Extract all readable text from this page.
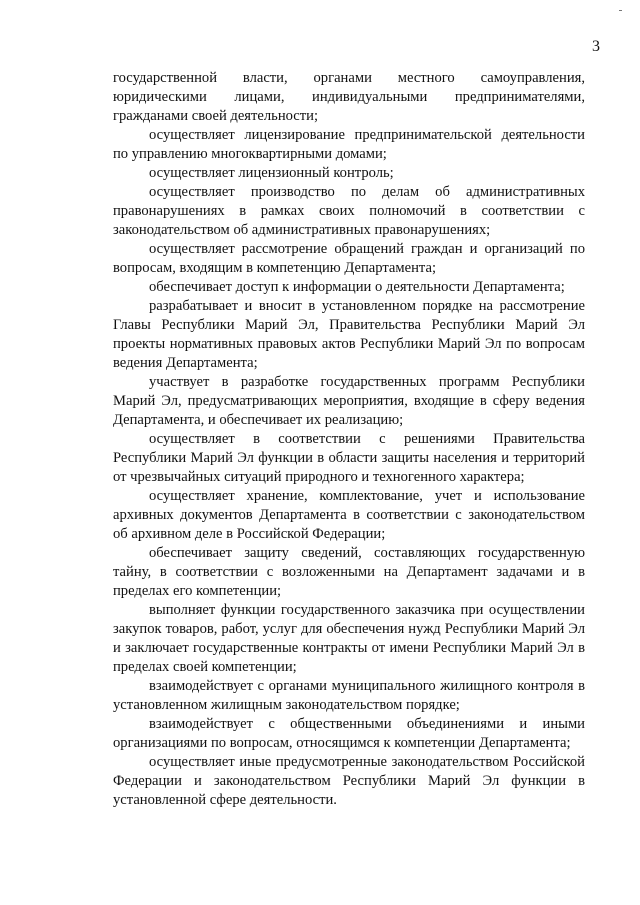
3

государственной власти, органами местного самоуправления, юридическими лицами, индивидуальными предпринимателями, гражданами своей деятельности;

осуществляет лицензирование предпринимательской деятельности по управлению многоквартирными домами;

осуществляет лицензионный контроль;

осуществляет производство по делам об административных правонарушениях в рамках своих полномочий в соответствии с законодательством об административных правонарушениях;

осуществляет рассмотрение обращений граждан и организаций по вопросам, входящим в компетенцию Департамента;

обеспечивает доступ к информации о деятельности Департамента;

разрабатывает и вносит в установленном порядке на рассмотрение Главы Республики Марий Эл, Правительства Республики Марий Эл проекты нормативных правовых актов Республики Марий Эл по вопросам ведения Департамента;

участвует в разработке государственных программ Республики Марий Эл, предусматривающих мероприятия, входящие в сферу ведения Департамента, и обеспечивает их реализацию;

осуществляет в соответствии с решениями Правительства Республики Марий Эл функции в области защиты населения и территорий от чрезвычайных ситуаций природного и техногенного характера;

осуществляет хранение, комплектование, учет и использование архивных документов Департамента в соответствии с законодательством об архивном деле в Российской Федерации;

обеспечивает защиту сведений, составляющих государственную тайну, в соответствии с возложенными на Департамент задачами и в пределах его компетенции;

выполняет функции государственного заказчика при осуществлении закупок товаров, работ, услуг для обеспечения нужд Республики Марий Эл и заключает государственные контракты от имени Республики Марий Эл в пределах своей компетенции;

взаимодействует с органами муниципального жилищного контроля в установленном жилищным законодательством порядке;

взаимодействует с общественными объединениями и иными организациями по вопросам, относящимся к компетенции Департамента;

осуществляет иные предусмотренные законодательством Российской Федерации и законодательством Республики Марий Эл функции в установленной сфере деятельности.
